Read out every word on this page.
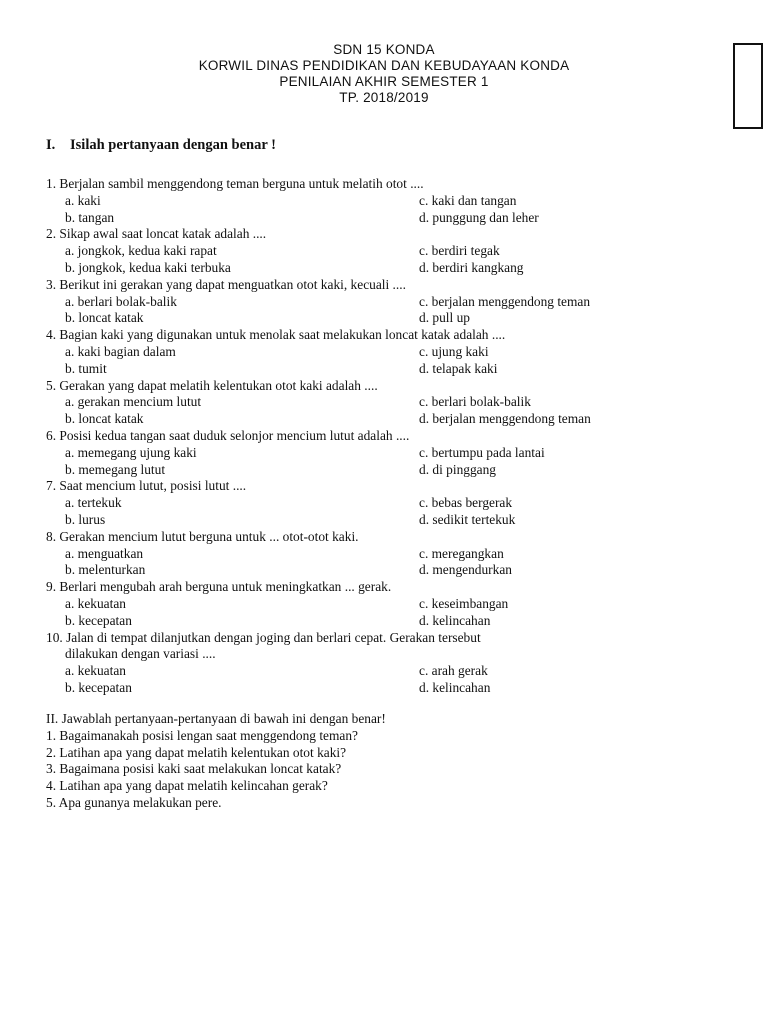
SDN 15 KONDA
KORWIL DINAS PENDIDIKAN DAN KEBUDAYAAN KONDA
PENILAIAN AKHIR SEMESTER 1
TP. 2018/2019
I. Isilah pertanyaan dengan benar !
1. Berjalan sambil menggendong teman berguna untuk melatih otot ....
a. kaki	c. kaki dan tangan
b. tangan	d. punggung dan leher
2. Sikap awal saat loncat katak adalah ....
a. jongkok, kedua kaki rapat	c. berdiri tegak
b. jongkok, kedua kaki terbuka	d. berdiri kangkang
3. Berikut ini gerakan yang dapat menguatkan otot kaki, kecuali ....
a. berlari bolak-balik	c. berjalan menggendong teman
b. loncat katak	d. pull up
4. Bagian kaki yang digunakan untuk menolak saat melakukan loncat katak adalah ....
a. kaki bagian dalam	c. ujung kaki
b. tumit	d. telapak kaki
5. Gerakan yang dapat melatih kelentukan otot kaki adalah ....
a. gerakan mencium lutut	c. berlari bolak-balik
b. loncat katak	d. berjalan menggendong teman
6. Posisi kedua tangan saat duduk selonjor mencium lutut adalah ....
a. memegang ujung kaki	c. bertumpu pada lantai
b. memegang lutut	d. di pinggang
7. Saat mencium lutut, posisi lutut ....
a. tertekuk	c. bebas bergerak
b. lurus	d. sedikit tertekuk
8. Gerakan mencium lutut berguna untuk ... otot-otot kaki.
a. menguatkan	c. meregangkan
b. melenturkan	d. mengendurkan
9. Berlari mengubah arah berguna untuk meningkatkan ... gerak.
a. kekuatan	c. keseimbangan
b. kecepatan	d. kelincahan
10. Jalan di tempat dilanjutkan dengan joging dan berlari cepat. Gerakan tersebut
dilakukan dengan variasi ....
a. kekuatan	c. arah gerak
b. kecepatan	d. kelincahan
II. Jawablah pertanyaan-pertanyaan di bawah ini dengan benar!
1. Bagaimanakah posisi lengan saat menggendong teman?
2. Latihan apa yang dapat melatih kelentukan otot kaki?
3. Bagaimana posisi kaki saat melakukan loncat katak?
4. Latihan apa yang dapat melatih kelincahan gerak?
5. Apa gunanya melakukan pere.
